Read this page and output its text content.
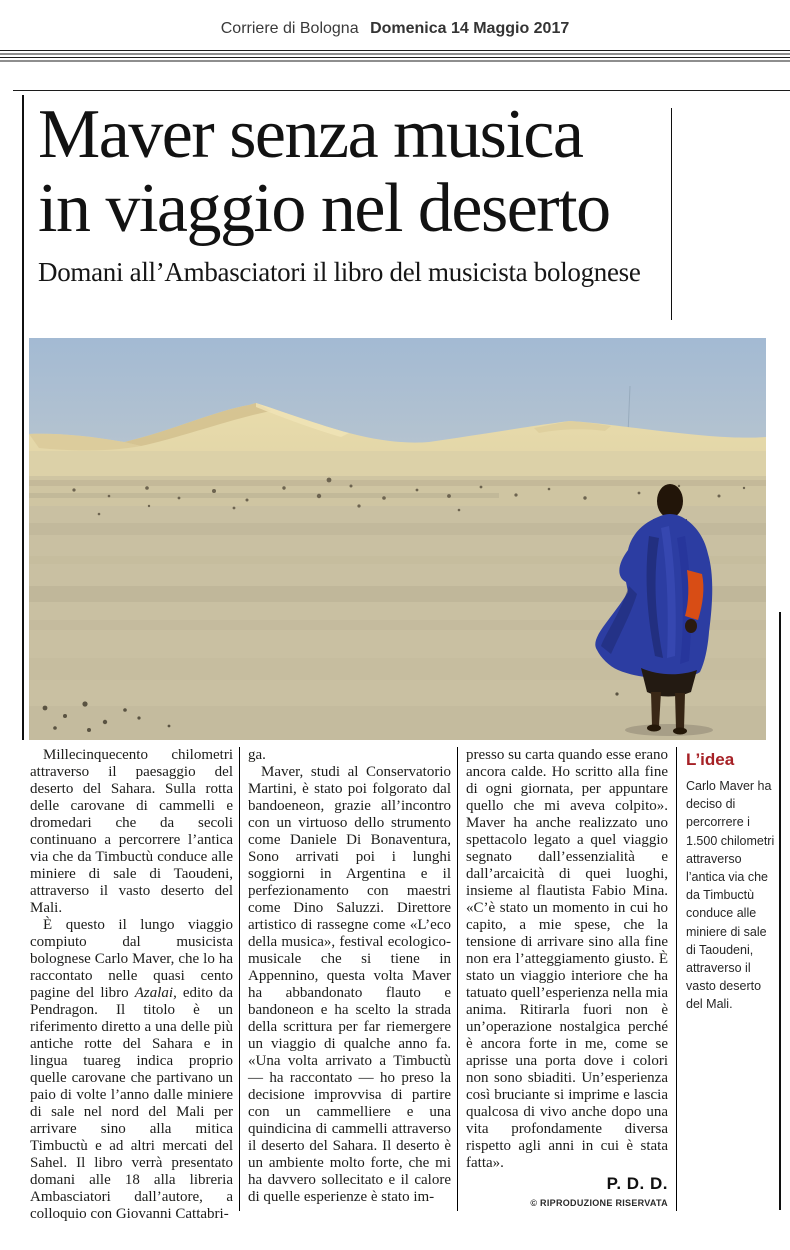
Corriere di Bologna Domenica 14 Maggio 2017
Maver senza musica
in viaggio nel deserto
Domani all’Ambasciatori il libro del musicista bolognese

Millecinquecento chilometri attraverso il paesaggio del deserto del Sahara. Sulla rotta delle carovane di cammelli e dromedari che da secoli continuano a percorrere l’antica via che da Timbuctù conduce alle miniere di sale di Taoudeni, attraverso il vasto deserto del Mali.

È questo il lungo viaggio compiuto dal musicista bolognese Carlo Maver, che lo ha raccontato nelle quasi cento pagine del libro Azalai, edito da Pendragon. Il titolo è un riferimento diretto a una delle più antiche rotte del Sahara e in lingua tuareg indica proprio quelle carovane che partivano un paio di volte l’anno dalle miniere di sale nel nord del Mali per arrivare sino alla mitica Timbuctù e ad altri mercati del Sahel. Il libro verrà presentato domani alle 18 alla libreria Ambasciatori dall’autore, a colloquio con Giovanni Cattabri-

ga.

Maver, studi al Conservatorio Martini, è stato poi folgorato dal bandoeneon, grazie all’incontro con un virtuoso dello strumento come Daniele Di Bonaventura, Sono arrivati poi i lunghi soggiorni in Argentina e il perfezionamento con maestri come Dino Saluzzi. Direttore artistico di rassegne come «L’eco della musica», festival ecologico-musicale che si tiene in Appennino, questa volta Maver ha abbandonato flauto e bandoneon e ha scelto la strada della scrittura per far riemergere un viaggio di qualche anno fa. «Una volta arrivato a Timbuctù — ha raccontato — ho preso la decisione improvvisa di partire con un cammelliere e una quindicina di cammelli attraverso il deserto del Sahara. Il deserto è un ambiente molto forte, che mi ha davvero sollecitato e il calore di quelle esperienze è stato im-

presso su carta quando esse erano ancora calde. Ho scritto alla fine di ogni giornata, per appuntare quello che mi aveva colpito». Maver ha anche realizzato uno spettacolo legato a quel viaggio segnato dall’essenzialità e dall’arcaicità di quei luoghi, insieme al flautista Fabio Mina. «C’è stato un momento in cui ho capito, a mie spese, che la tensione di arrivare sino alla fine non era l’atteggiamento giusto. È stato un viaggio interiore che ha tatuato quell’esperienza nella mia anima. Ritirarla fuori non è un’operazione nostalgica perché è ancora forte in me, come se aprisse una porta dove i colori non sono sbiaditi. Un’esperienza così bruciante si imprime e lascia qualcosa di vivo anche dopo una vita profondamente diversa rispetto agli anni in cui è stata fatta».

P. D. D.
© RIPRODUZIONE RISERVATA
L’idea
Carlo Maver ha deciso di percorrere i 1.500 chilometri attraverso l’antica via che da Timbuctù conduce alle miniere di sale di Taoudeni, attraverso il vasto deserto del Mali.
